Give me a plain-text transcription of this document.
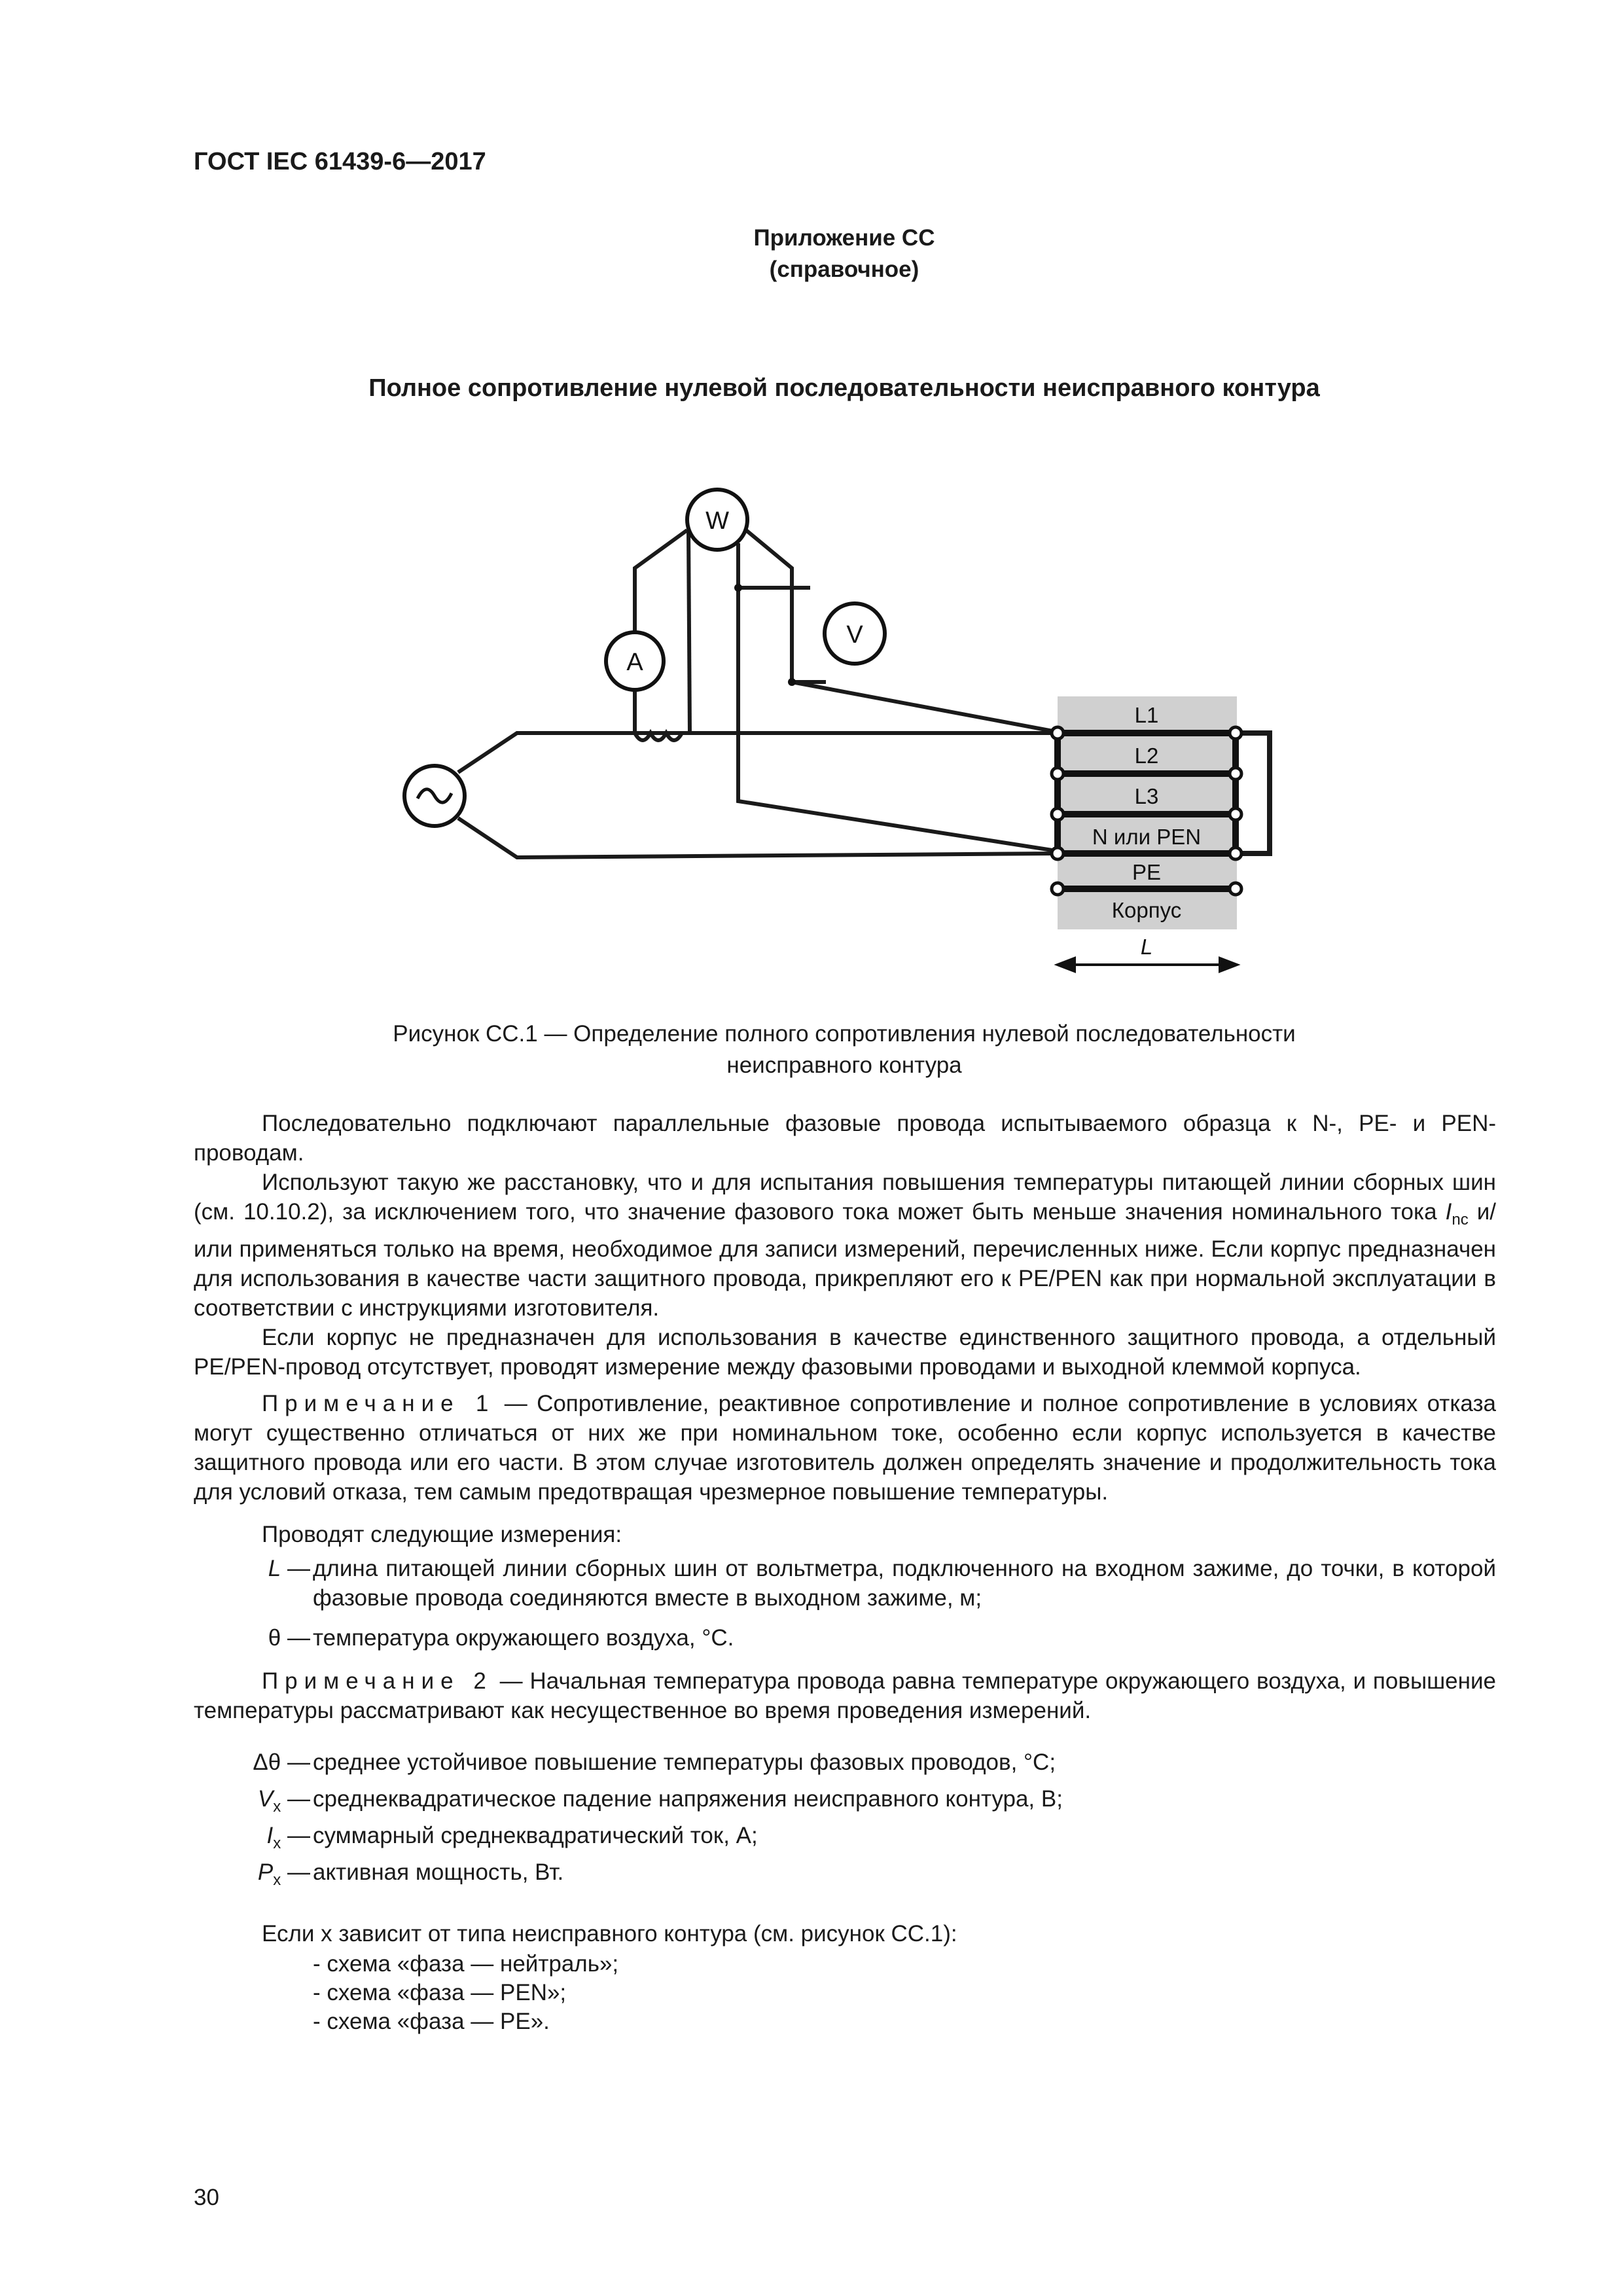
ГОСТ IEC 61439-6—2017
Приложение CC
(справочное)
Полное сопротивление нулевой последовательности неисправного контура
W
A
V
L1
L2
L3
N или PEN
PE
Корпус
L
Рисунок CC.1 — Определение полного сопротивления нулевой последовательности
неисправного контура
Последовательно подключают параллельные фазовые провода испытываемого образца к N-, PE- и PEN-проводам.
Используют такую же расстановку, что и для испытания повышения температуры питающей линии сборных шин (см. 10.10.2), за исключением того, что значение фазового тока может быть меньше значения номинального тока $I_{nc}$ и/или применяться только на время, необходимое для записи измерений, перечисленных ниже. Если корпус предназначен для использования в качестве части защитного провода, прикрепляют его к PE/PEN как при нормальной эксплуатации в соответствии с инструкциями изготовителя.
Если корпус не предназначен для использования в качестве единственного защитного провода, а отдельный PE/PEN-провод отсутствует, проводят измерение между фазовыми проводами и выходной клеммой корпуса.
Примечание 1 — Сопротивление, реактивное сопротивление и полное сопротивление в условиях отказа могут существенно отличаться от них же при номинальном токе, особенно если корпус используется в качестве защитного провода или его части. В этом случае изготовитель должен определять значение и продолжительность тока для условий отказа, тем самым предотвращая чрезмерное повышение температуры.
Проводят следующие измерения:
L — длина питающей линии сборных шин от вольтметра, подключенного на входном зажиме, до точки, в которой фазовые провода соединяются вместе в выходном зажиме, м;
θ — температура окружающего воздуха, °С.
Примечание 2 — Начальная температура провода равна температуре окружающего воздуха, и повышение температуры рассматривают как несущественное во время проведения измерений.
Δθ — среднее устойчивое повышение температуры фазовых проводов, °С;
$V_x$ — среднеквадратическое падение напряжения неисправного контура, В;
$I_x$ — суммарный среднеквадратический ток, А;
$P_x$ — активная мощность, Вт.
Если x зависит от типа неисправного контура (см. рисунок CC.1):
- схема «фаза — нейтраль»;
- схема «фаза — PEN»;
- схема «фаза — PE».
30
